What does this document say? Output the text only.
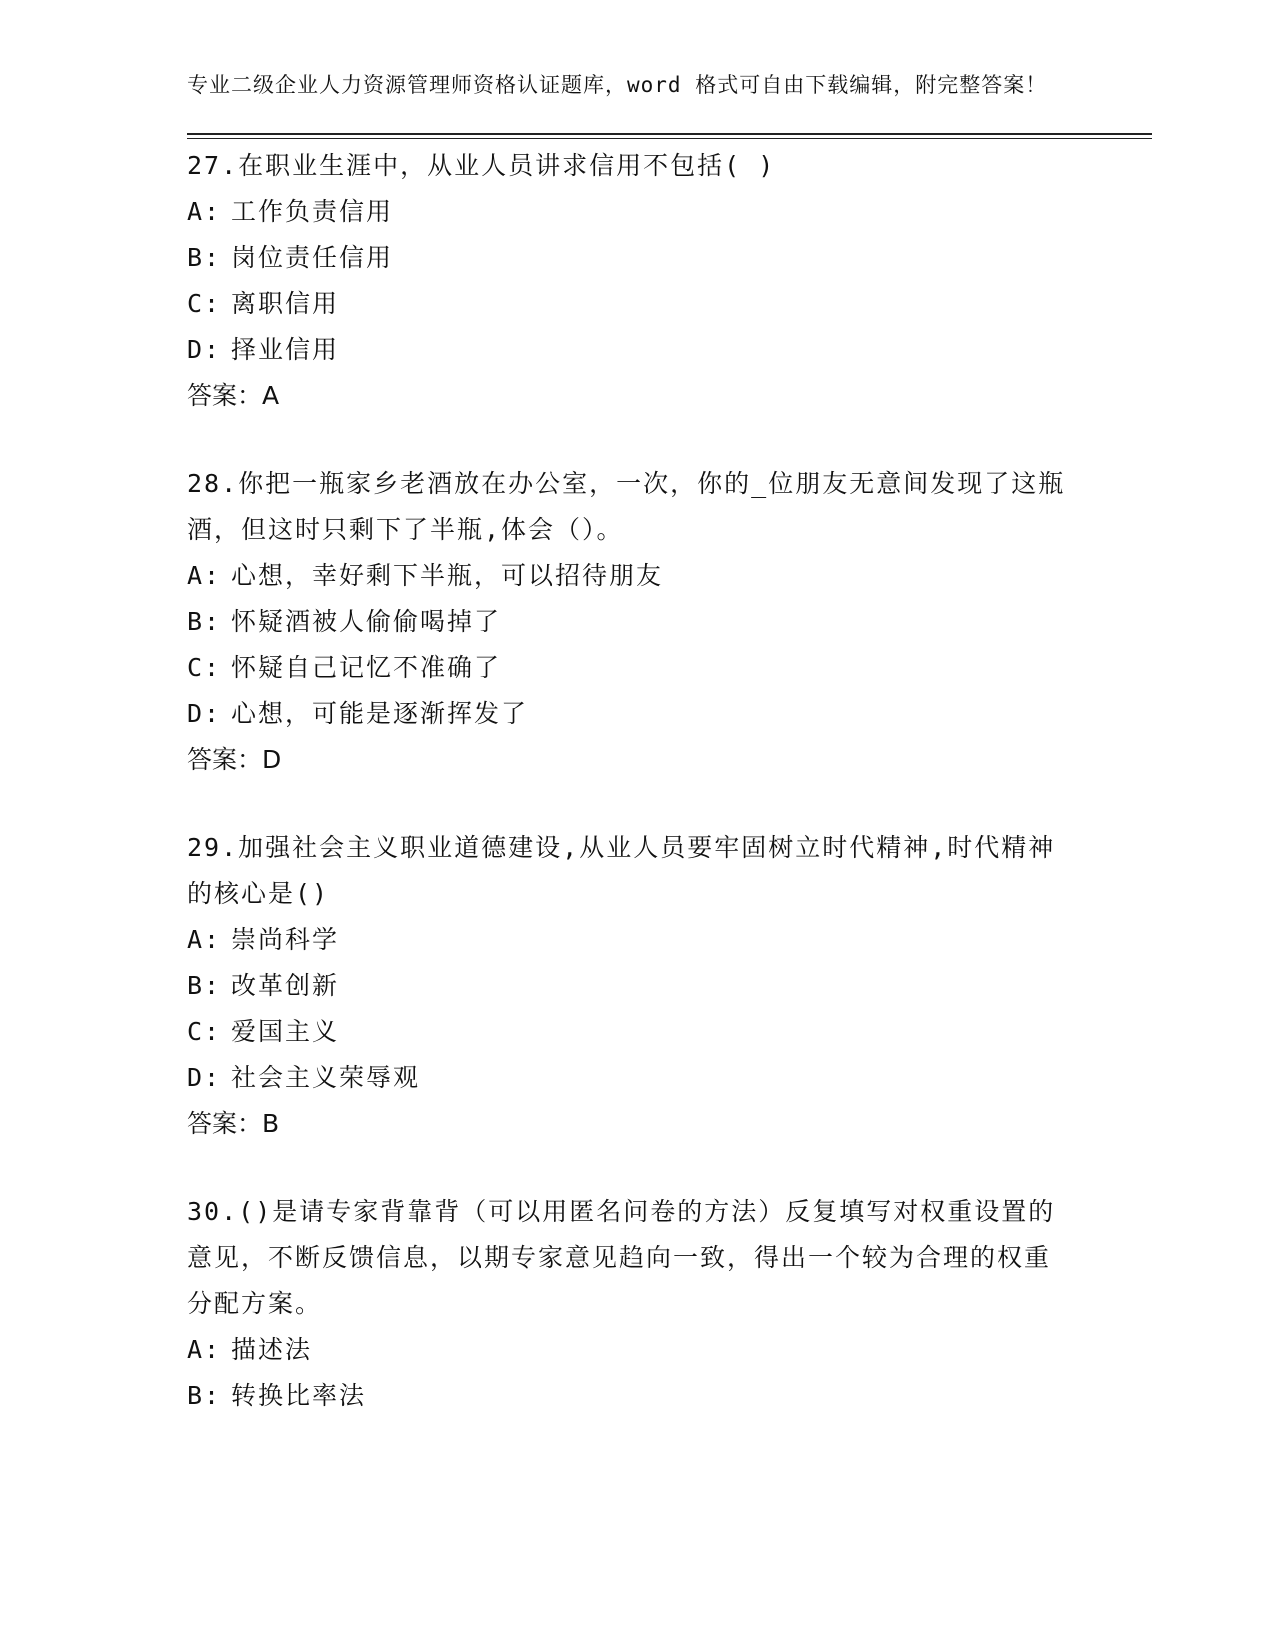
专业二级企业人力资源管理师资格认证题库，word 格式可自由下载编辑，附完整答案！
27.在职业生涯中，从业人员讲求信用不包括( )
A: 工作负责信用
B: 岗位责任信用
C: 离职信用
D: 择业信用
答案：A
28.你把一瓶家乡老酒放在办公室，一次，你的_位朋友无意间发现了这瓶酒，但这时只剩下了半瓶,体会（）。
A: 心想，幸好剩下半瓶，可以招待朋友
B: 怀疑酒被人偷偷喝掉了
C: 怀疑自己记忆不准确了
D: 心想，可能是逐渐挥发了
答案：D
29.加强社会主义职业道德建设,从业人员要牢固树立时代精神,时代精神的核心是()
A: 崇尚科学
B: 改革创新
C: 爱国主义
D: 社会主义荣辱观
答案：B
30.()是请专家背靠背（可以用匿名问卷的方法）反复填写对权重设置的意见，不断反馈信息，以期专家意见趋向一致，得出一个较为合理的权重分配方案。
A: 描述法
B: 转换比率法
